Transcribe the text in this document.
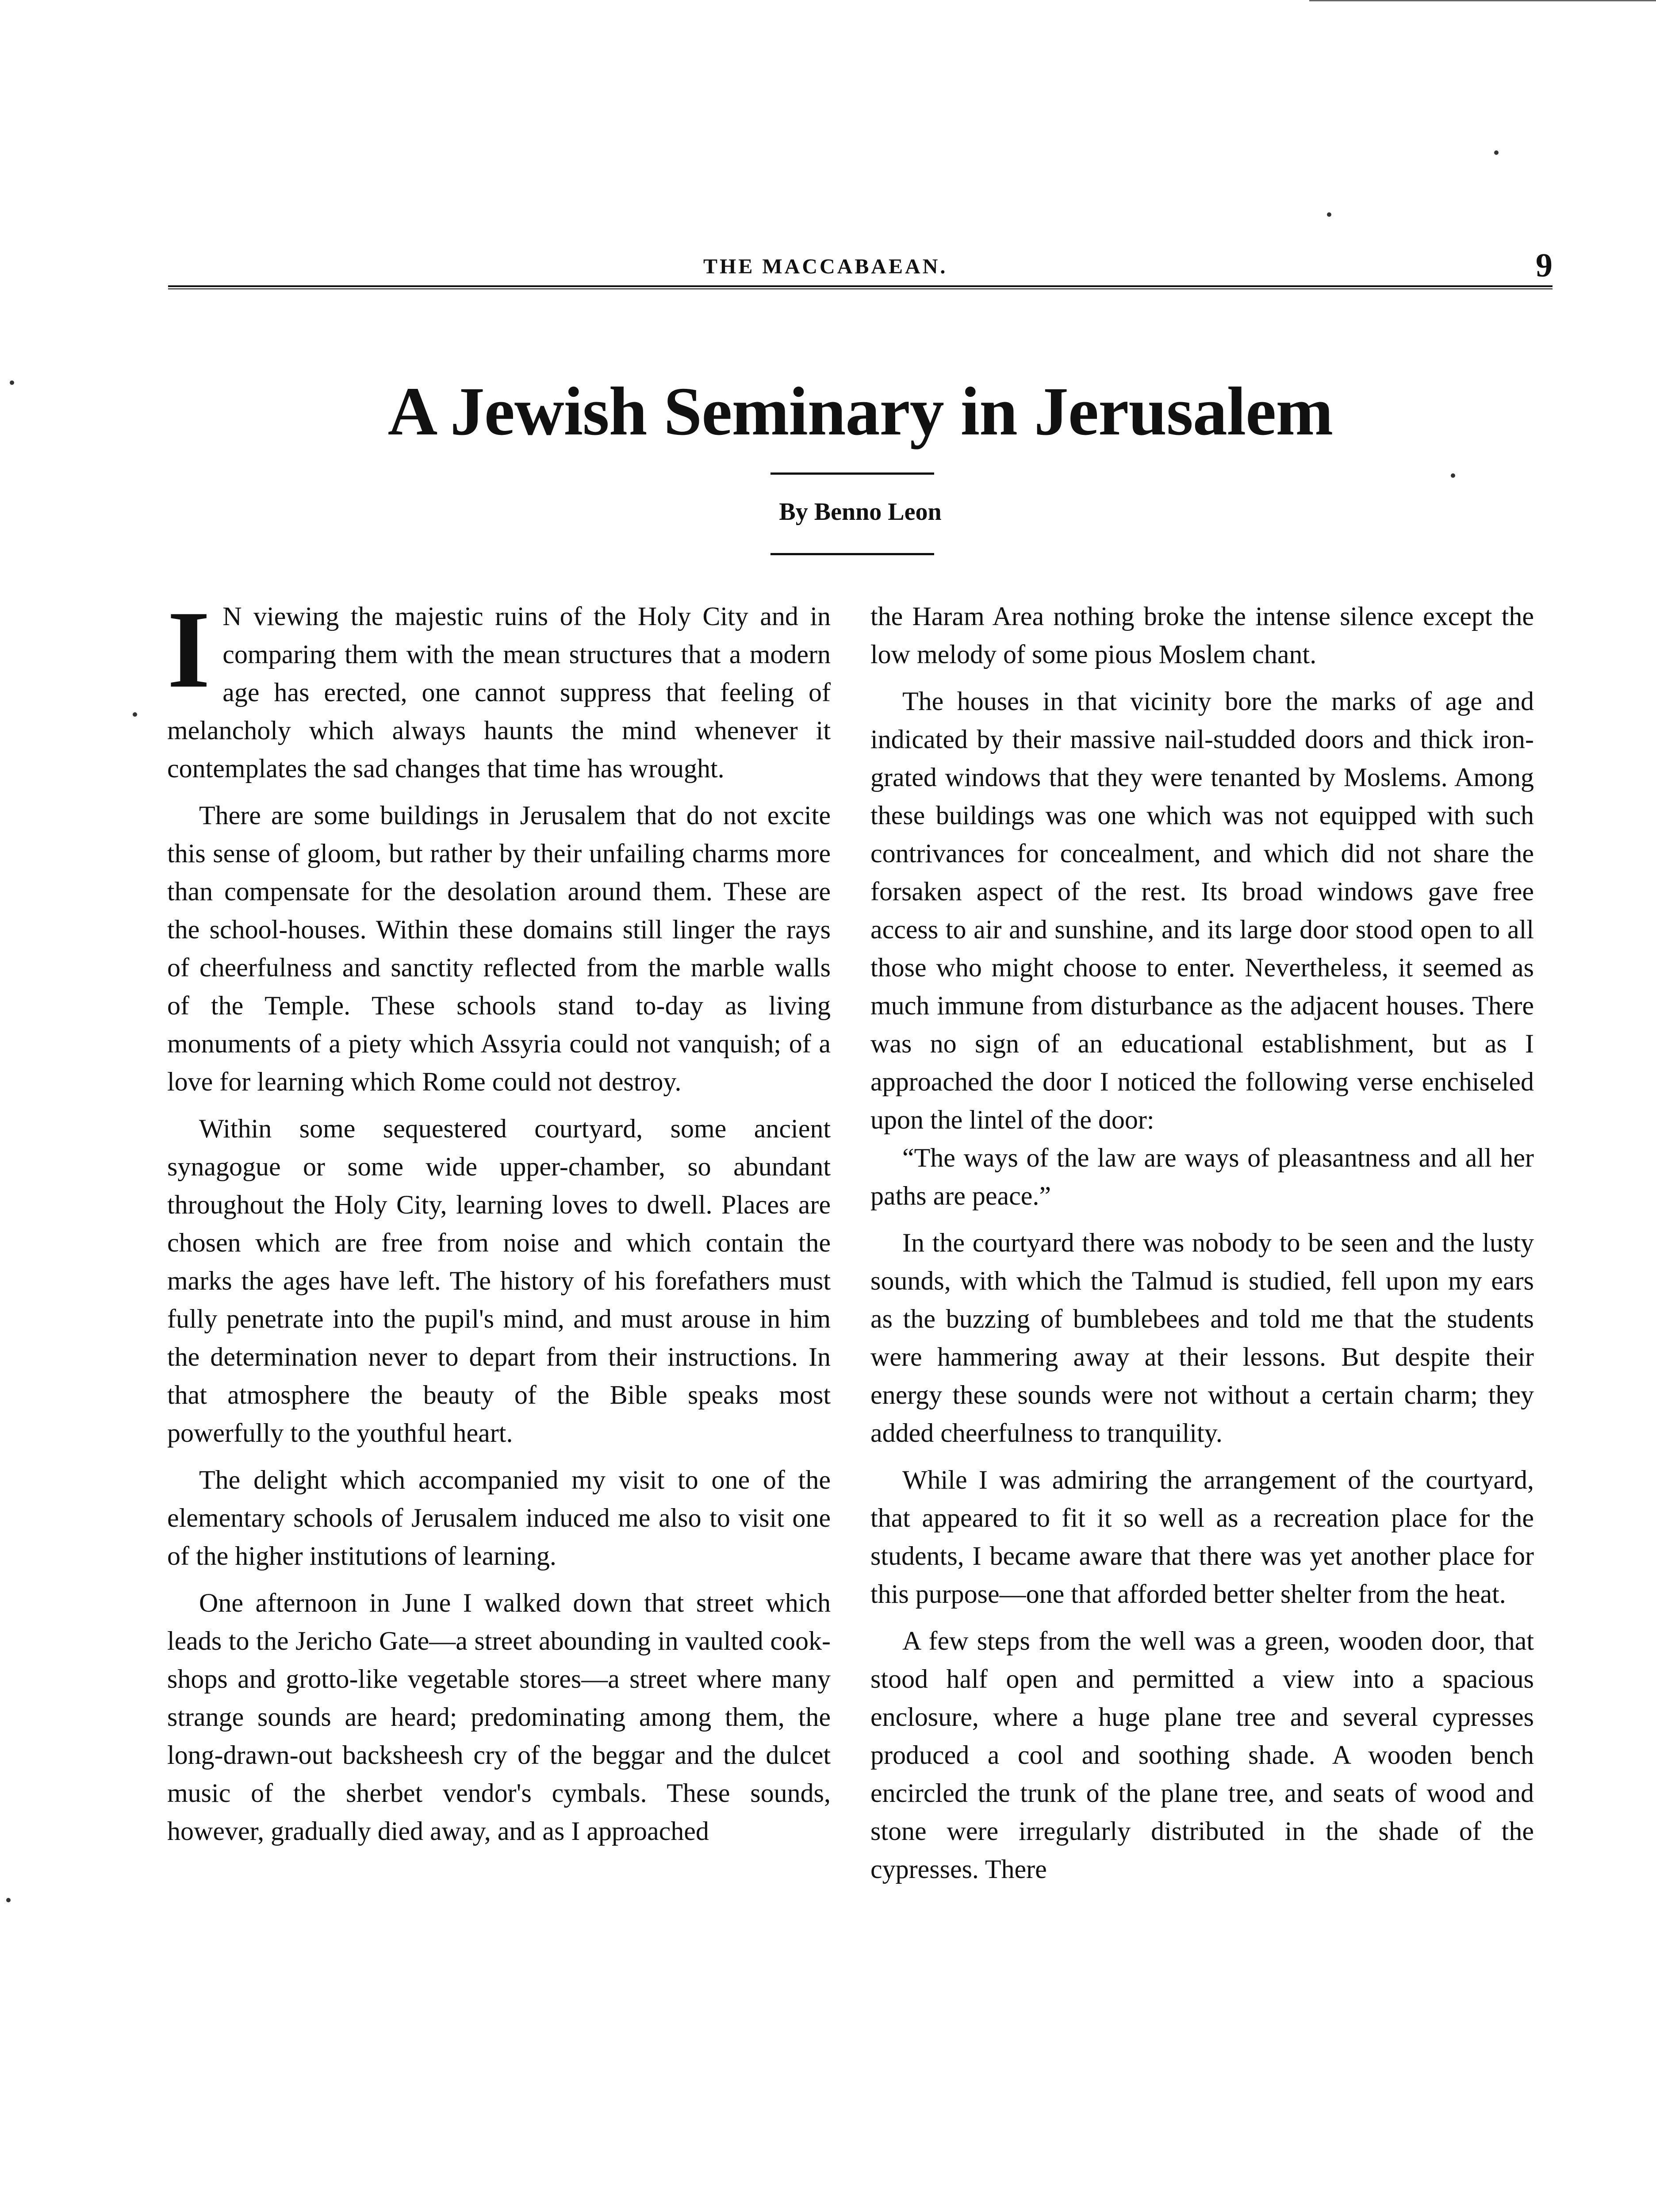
THE MACCABAEAN.	9
A Jewish Seminary in Jerusalem
By Benno Leon

I N viewing the majestic ruins of the Holy City and in comparing them with the mean structures that a modern age has erected, one cannot suppress that feeling of melancholy which always haunts the mind whenever it contemplates the sad changes that time has wrought.

There are some buildings in Jerusalem that do not excite this sense of gloom, but rather by their unfailing charms more than compensate for the desolation around them. These are the school-houses. Within these domains still linger the rays of cheerfulness and sanctity reflected from the marble walls of the Temple. These schools stand to-day as living monuments of a piety which Assyria could not vanquish; of a love for learning which Rome could not destroy.

Within some sequestered courtyard, some ancient synagogue or some wide upper-chamber, so abundant throughout the Holy City, learning loves to dwell. Places are chosen which are free from noise and which contain the marks the ages have left. The history of his forefathers must fully penetrate into the pupil's mind, and must arouse in him the determination never to depart from their instructions. In that atmosphere the beauty of the Bible speaks most powerfully to the youthful heart.

The delight which accompanied my visit to one of the elementary schools of Jerusalem induced me also to visit one of the higher institutions of learning.

One afternoon in June I walked down that street which leads to the Jericho Gate—a street abounding in vaulted cook-shops and grotto-like vegetable stores—a street where many strange sounds are heard; predominating among them, the long-drawn-out backsheesh cry of the beggar and the dulcet music of the sherbet vendor's cymbals. These sounds, however, gradually died away, and as I approached

the Haram Area nothing broke the intense silence except the low melody of some pious Moslem chant.

The houses in that vicinity bore the marks of age and indicated by their massive nail-studded doors and thick iron-grated windows that they were tenanted by Moslems. Among these buildings was one which was not equipped with such contrivances for concealment, and which did not share the forsaken aspect of the rest. Its broad windows gave free access to air and sunshine, and its large door stood open to all those who might choose to enter. Nevertheless, it seemed as much immune from disturbance as the adjacent houses. There was no sign of an educational establishment, but as I approached the door I noticed the following verse enchiseled upon the lintel of the door:

“The ways of the law are ways of pleasantness and all her paths are peace.”

In the courtyard there was nobody to be seen and the lusty sounds, with which the Talmud is studied, fell upon my ears as the buzzing of bumblebees and told me that the students were hammering away at their lessons. But despite their energy these sounds were not without a certain charm; they added cheerfulness to tranquility.

While I was admiring the arrangement of the courtyard, that appeared to fit it so well as a recreation place for the students, I became aware that there was yet another place for this purpose—one that afforded better shelter from the heat.

A few steps from the well was a green, wooden door, that stood half open and permitted a view into a spacious enclosure, where a huge plane tree and several cypresses produced a cool and soothing shade. A wooden bench encircled the trunk of the plane tree, and seats of wood and stone were irregularly distributed in the shade of the cypresses. There
